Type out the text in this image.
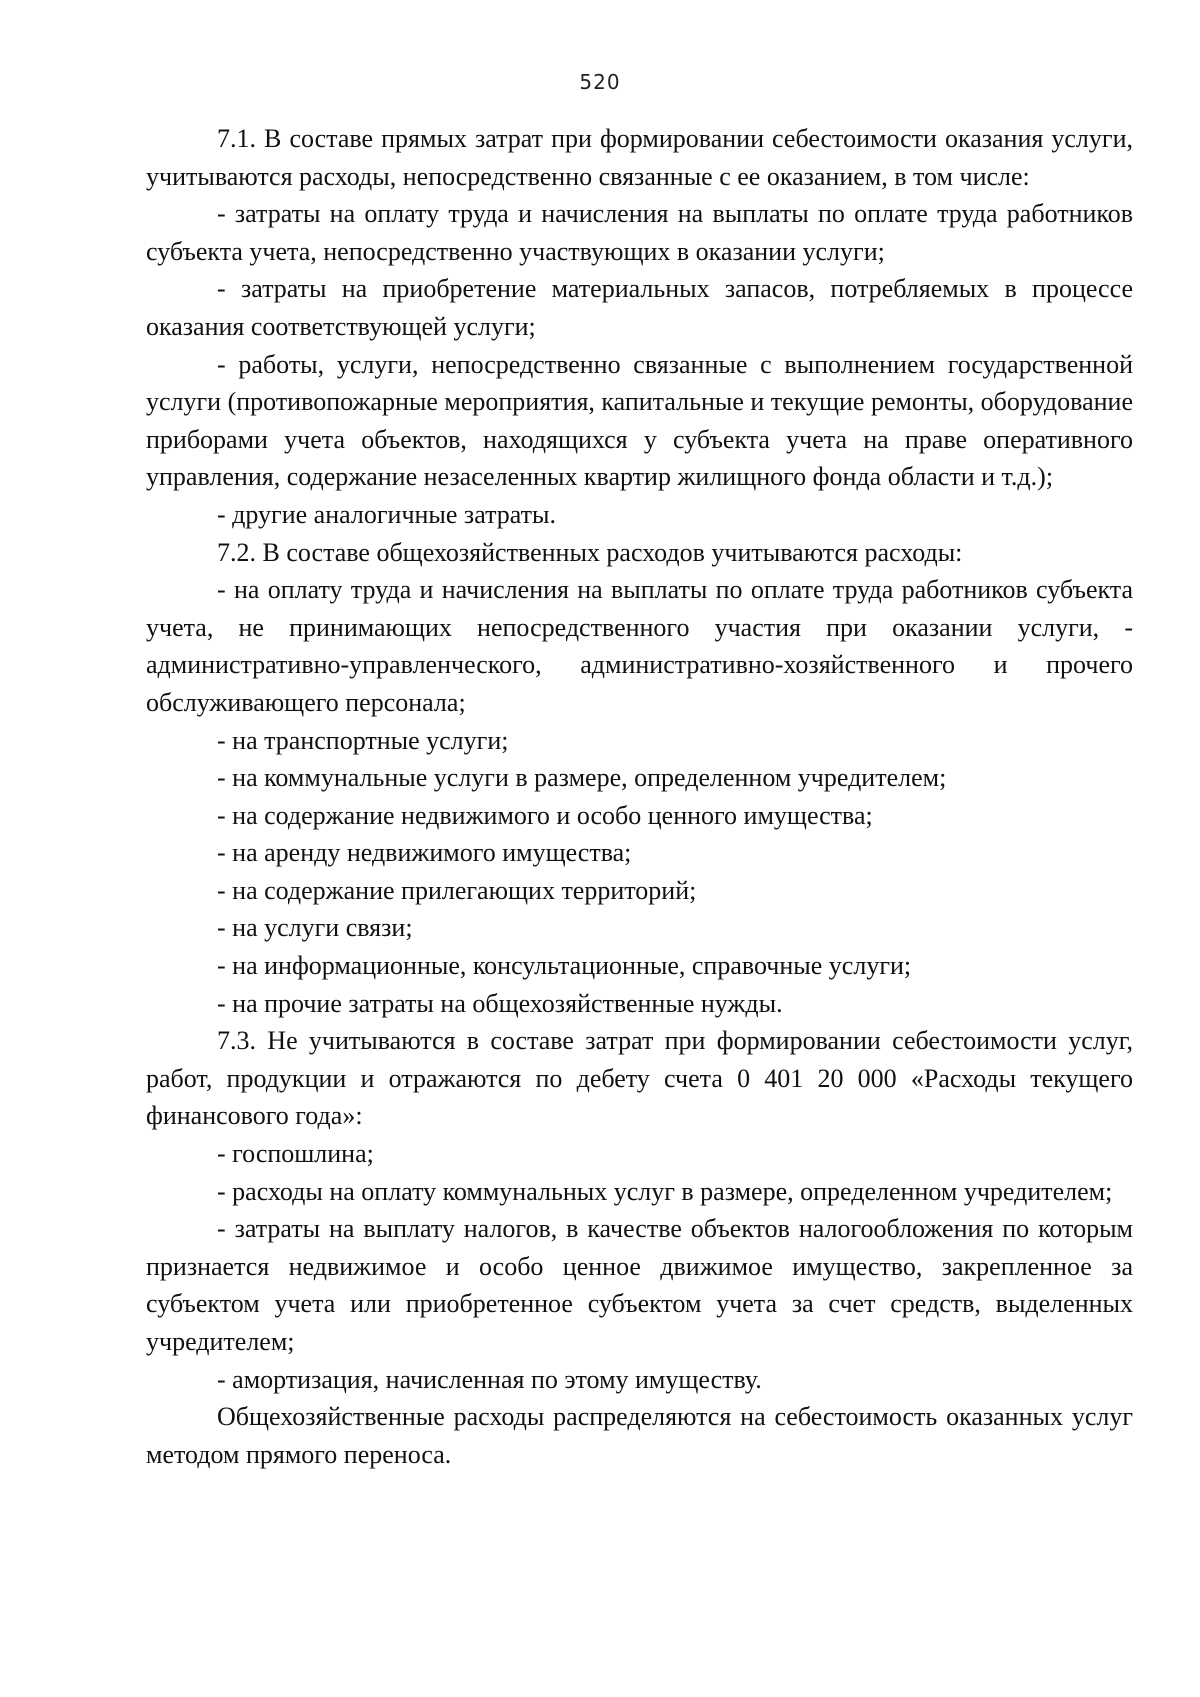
520

7.1. В составе прямых затрат при формировании себестоимости оказания услуги, учитываются расходы, непосредственно связанные с ее оказанием, в том числе:

- затраты на оплату труда и начисления на выплаты по оплате труда работников субъекта учета, непосредственно участвующих в оказании услуги;

- затраты на приобретение материальных запасов, потребляемых в процессе оказания соответствующей услуги;

- работы, услуги, непосредственно связанные с выполнением государственной услуги (противопожарные мероприятия, капитальные и текущие ремонты, оборудование приборами учета объектов, находящихся у субъекта учета на праве оперативного управления, содержание незаселенных квартир жилищного фонда области и т.д.);

- другие аналогичные затраты.

7.2. В составе общехозяйственных расходов учитываются расходы:

- на оплату труда и начисления на выплаты по оплате труда работников субъекта учета, не принимающих непосредственного участия при оказании услуги, - административно-управленческого, административно-хозяйственного и прочего обслуживающего персонала;

- на транспортные услуги;

- на коммунальные услуги в размере, определенном учредителем;

- на содержание недвижимого и особо ценного имущества;

- на аренду недвижимого имущества;

- на содержание прилегающих территорий;

- на услуги связи;

- на информационные, консультационные, справочные услуги;

- на прочие затраты на общехозяйственные нужды.

7.3. Не учитываются в составе затрат при формировании себестоимости услуг, работ, продукции и отражаются по дебету счета 0 401 20 000 «Расходы текущего финансового года»:

- госпошлина;

- расходы на оплату коммунальных услуг в размере, определенном учредителем;

- затраты на выплату налогов, в качестве объектов налогообложения по которым признается недвижимое и особо ценное движимое имущество, закрепленное за субъектом учета или приобретенное субъектом учета за счет средств, выделенных учредителем;

- амортизация, начисленная по этому имуществу.

Общехозяйственные расходы распределяются на себестоимость оказанных услуг методом прямого переноса.
